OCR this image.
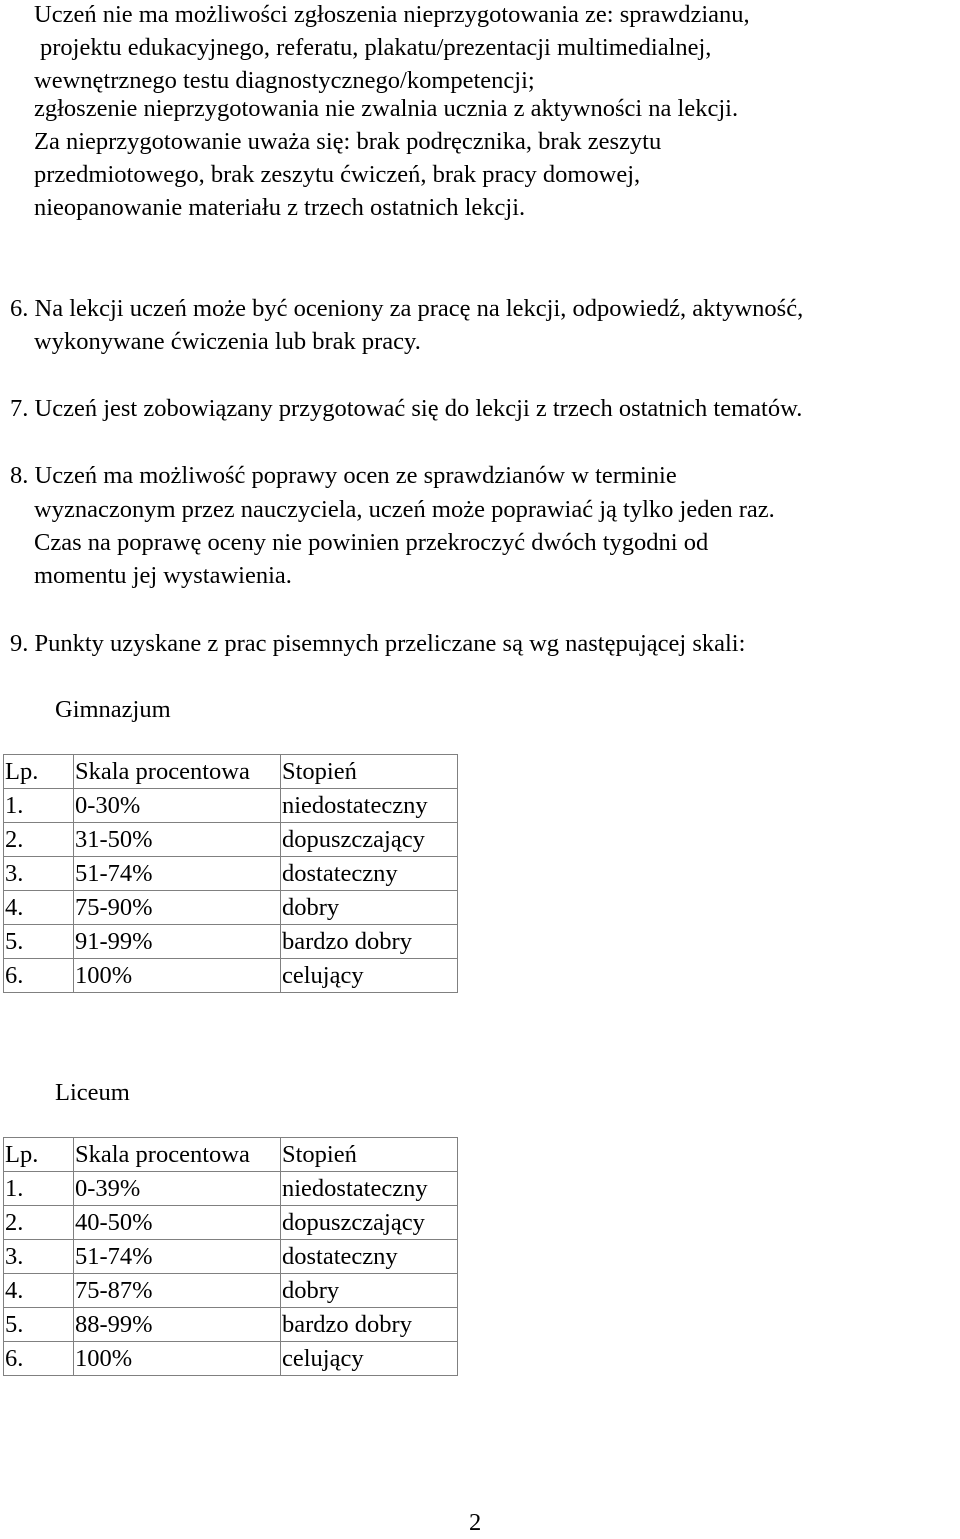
Uczeń nie ma możliwości zgłoszenia nieprzygotowania ze: sprawdzianu,
projektu edukacyjnego, referatu, plakatu/prezentacji multimedialnej,
wewnętrznego testu diagnostycznego/kompetencji;
zgłoszenie nieprzygotowania nie zwalnia ucznia z aktywności na lekcji.
Za nieprzygotowanie uważa się: brak podręcznika, brak zeszytu
przedmiotowego, brak zeszytu ćwiczeń, brak pracy domowej,
nieopanowanie materiału z trzech ostatnich lekcji.
6. Na lekcji uczeń może być oceniony za pracę na lekcji, odpowiedź, aktywność,
wykonywane ćwiczenia lub brak pracy.
7. Uczeń jest zobowiązany przygotować się do lekcji z trzech ostatnich tematów.
8. Uczeń ma możliwość poprawy ocen ze sprawdzianów w terminie
wyznaczonym przez nauczyciela, uczeń może poprawiać ją tylko jeden raz.
Czas na poprawę oceny nie powinien przekroczyć dwóch tygodni od
momentu jej wystawienia.
9. Punkty uzyskane z prac pisemnych przeliczane są wg następującej skali:
Gimnazjum
Lp.	Skala procentowa	Stopień
1.	0-30%	niedostateczny
2.	31-50%	dopuszczający
3.	51-74%	dostateczny
4.	75-90%	dobry
5.	91-99%	bardzo dobry
6.	100%	celujący
Liceum
Lp.	Skala procentowa	Stopień
1.	0-39%	niedostateczny
2.	40-50%	dopuszczający
3.	51-74%	dostateczny
4.	75-87%	dobry
5.	88-99%	bardzo dobry
6.	100%	celujący
2
